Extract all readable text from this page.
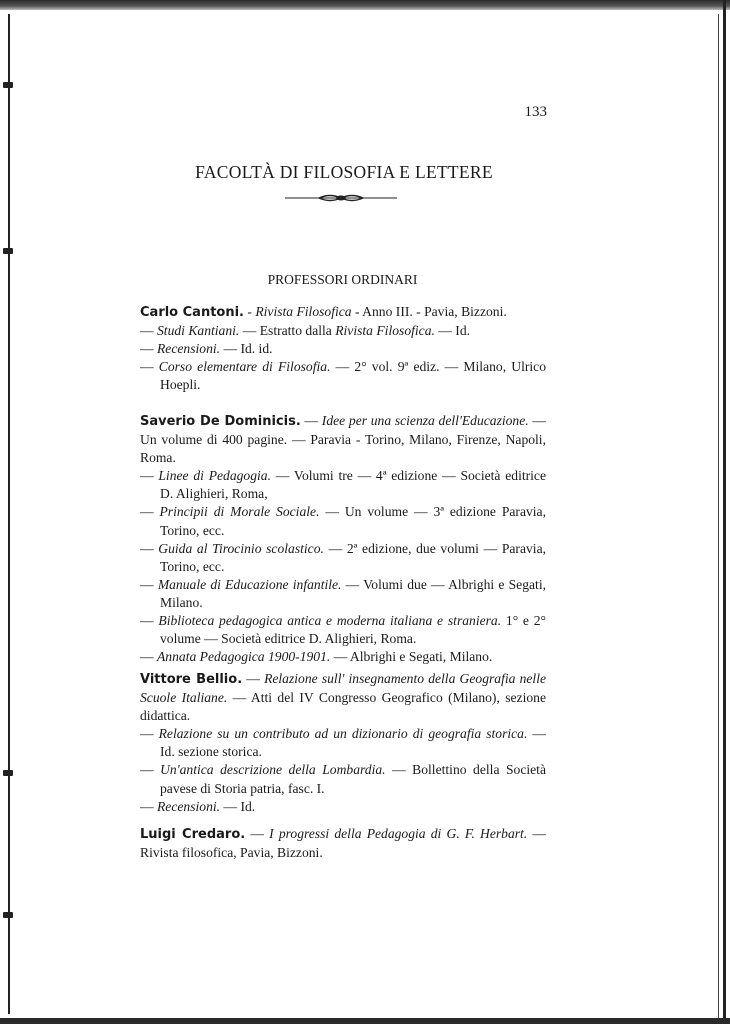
133
FACOLTÀ DI FILOSOFIA E LETTERE
PROFESSORI ORDINARI

Carlo Cantoni. - Rivista Filosofica - Anno III. - Pavia, Bizzoni.

— Studi Kantiani. — Estratto dalla Rivista Filosofica. — Id.

— Recensioni. — Id. id.

— Corso elementare di Filosofia. — 2° vol. 9ª ediz. — Milano, Ulrico Hoepli.

Saverio De Dominicis. — Idee per una scienza dell'Educazione. — Un volume di 400 pagine. — Paravia - Torino, Milano, Firenze, Napoli, Roma.

— Linee di Pedagogia. — Volumi tre — 4ª edizione — Società editrice D. Alighieri, Roma,

— Principii di Morale Sociale. — Un volume — 3ª edizione Paravia, Torino, ecc.

— Guida al Tirocinio scolastico. — 2ª edizione, due volumi — Paravia, Torino, ecc.

— Manuale di Educazione infantile. — Volumi due — Albrighi e Segati, Milano.

— Biblioteca pedagogica antica e moderna italiana e straniera. 1° e 2° volume — Società editrice D. Alighieri, Roma.

— Annata Pedagogica 1900-1901. — Albrighi e Segati, Milano.

Vittore Bellio. — Relazione sull' insegnamento della Geografia nelle Scuole Italiane. — Atti del IV Congresso Geografico (Milano), sezione didattica.

— Relazione su un contributo ad un dizionario di geografia storica. — Id. sezione storica.

— Un'antica descrizione della Lombardia. — Bollettino della Società pavese di Storia patria, fasc. I.

— Recensioni. — Id.

Luigi Credaro. — I progressi della Pedagogia di G. F. Herbart. — Rivista filosofica, Pavia, Bizzoni.
